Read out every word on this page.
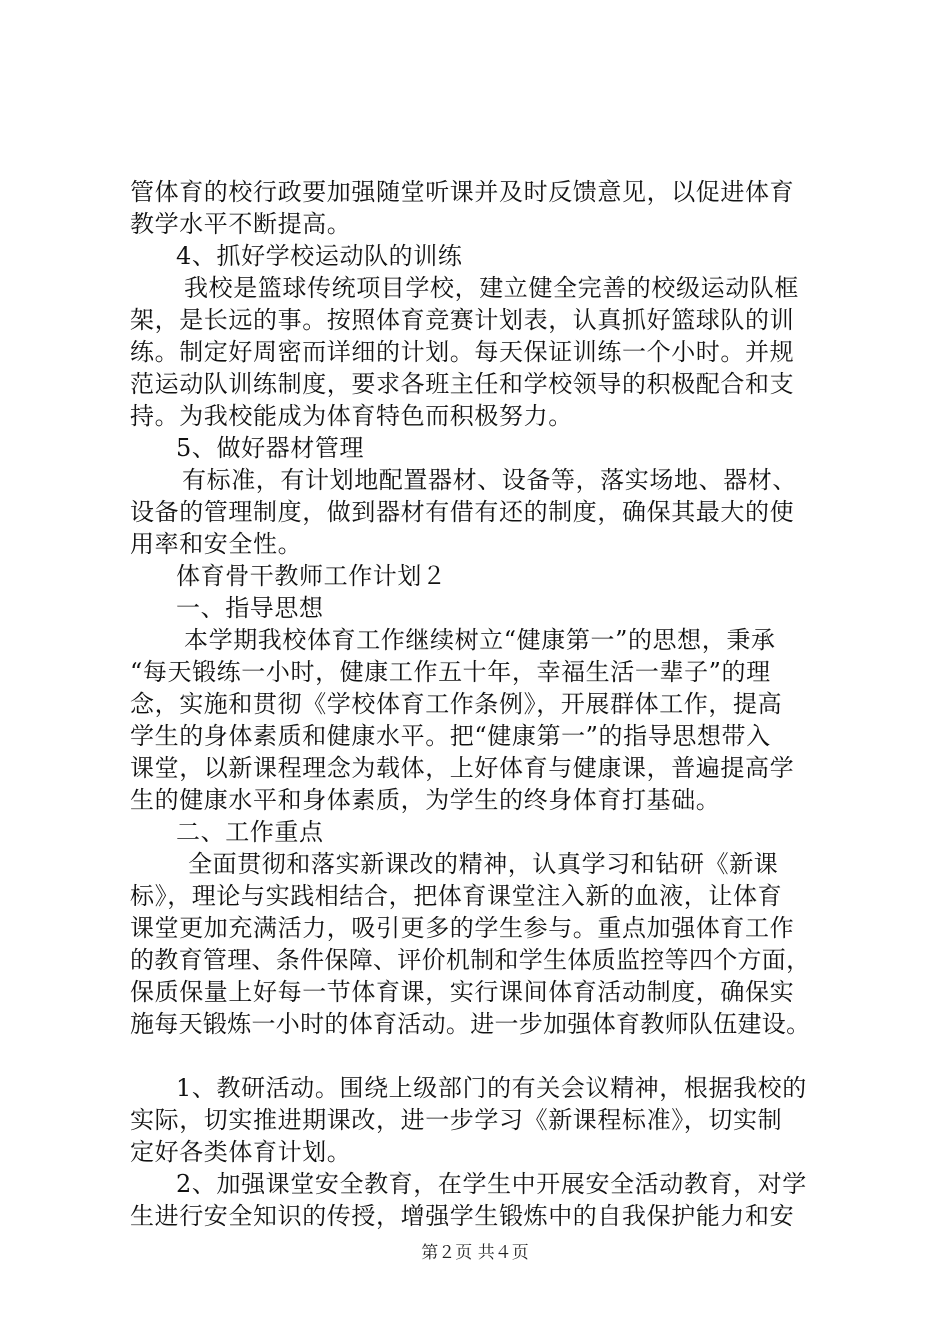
管体育的校行政要加强随堂听课并及时反馈意见，以促进体育
教学水平不断提高。
4、抓好学校运动队的训练
我校是篮球传统项目学校，建立健全完善的校级运动队框
架，是长远的事。按照体育竞赛计划表，认真抓好篮球队的训
练。制定好周密而详细的计划。每天保证训练一个小时。并规
范运动队训练制度，要求各班主任和学校领导的积极配合和支
持。为我校能成为体育特色而积极努力。
5、做好器材管理
有标准，有计划地配置器材、设备等，落实场地、器材、
设备的管理制度，做到器材有借有还的制度，确保其最大的使
用率和安全性。
体育骨干教师工作计划２
一、指导思想
本学期我校体育工作继续树立“健康第一”的思想，秉承
“每天锻练一小时，健康工作五十年，幸福生活一辈子”的理
念，实施和贯彻《学校体育工作条例》，开展群体工作，提高
学生的身体素质和健康水平。把“健康第一”的指导思想带入
课堂，以新课程理念为载体，上好体育与健康课，普遍提高学
生的健康水平和身体素质，为学生的终身体育打基础。
二、工作重点
全面贯彻和落实新课改的精神，认真学习和钻研《新课
标》，理论与实践相结合，把体育课堂注入新的血液，让体育
课堂更加充满活力，吸引更多的学生参与。重点加强体育工作
的教育管理、条件保障、评价机制和学生体质监控等四个方面，
保质保量上好每一节体育课，实行课间体育活动制度，确保实
施每天锻炼一小时的体育活动。进一步加强体育教师队伍建设。
1、教研活动。围绕上级部门的有关会议精神，根据我校的
实际，切实推进期课改，进一步学习《新课程标准》，切实制
定好各类体育计划。
2、加强课堂安全教育，在学生中开展安全活动教育，对学
生进行安全知识的传授，增强学生锻炼中的自我保护能力和安
第２页 共４页
